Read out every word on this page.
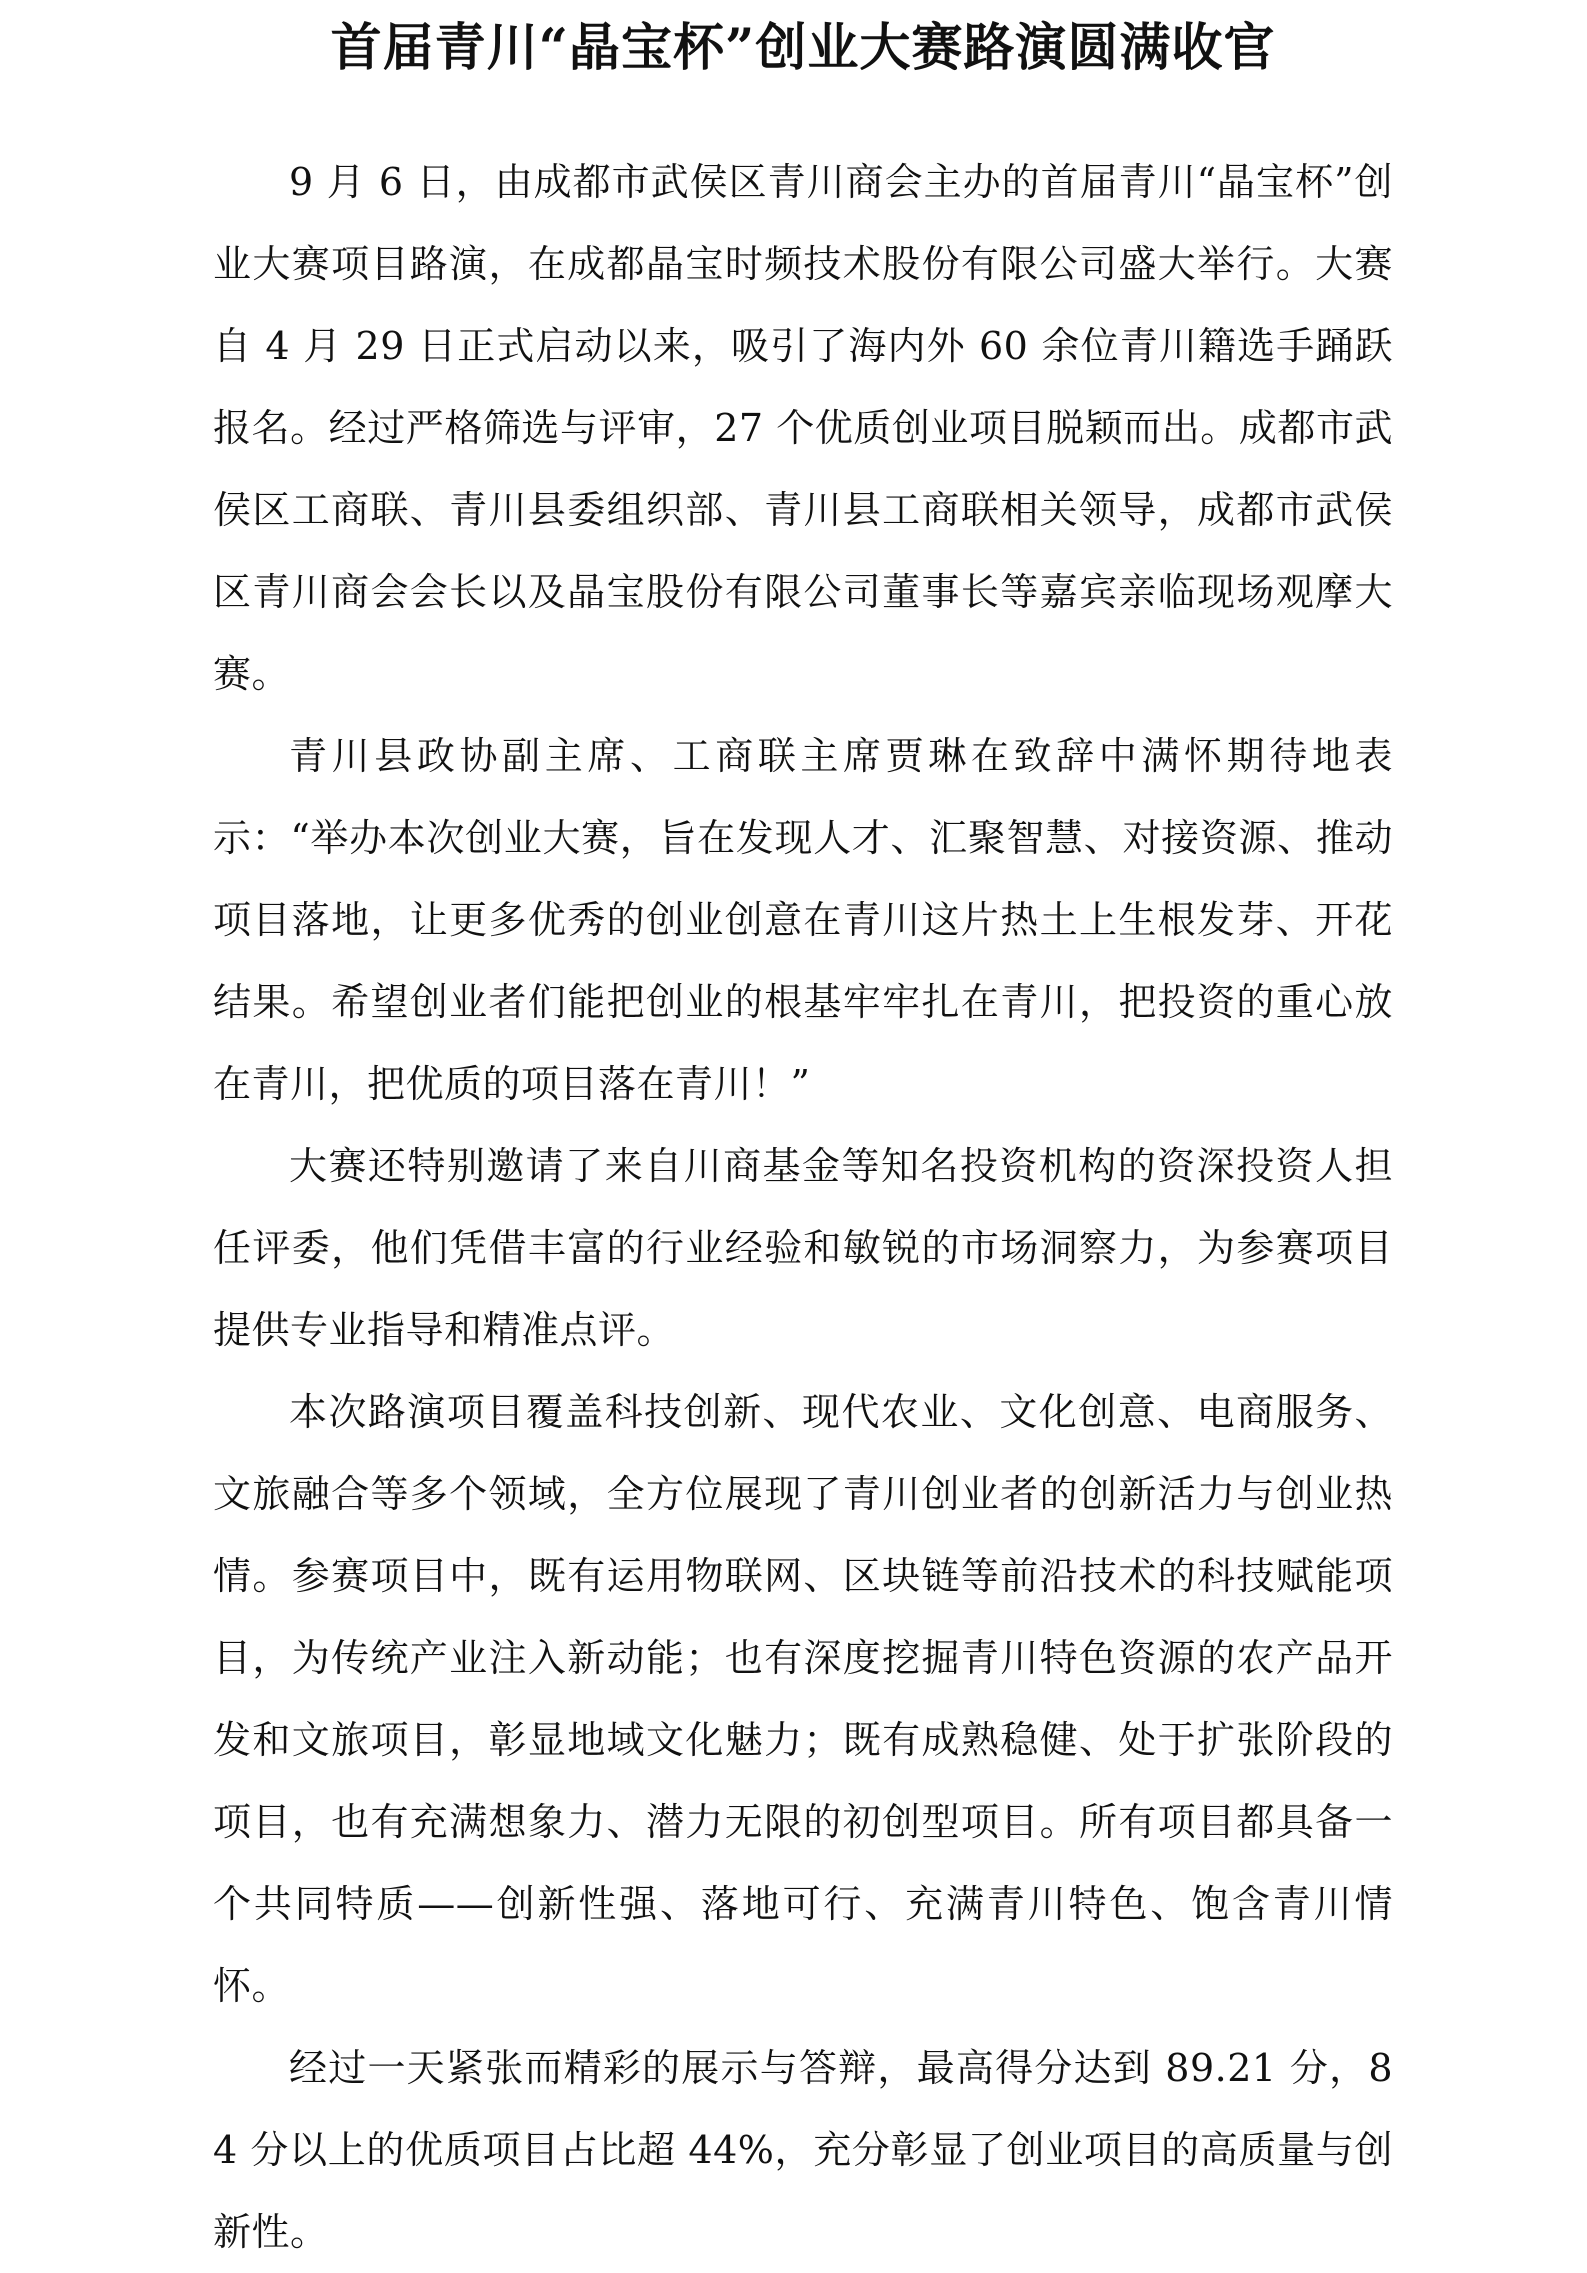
首届青川“晶宝杯”创业大赛路演圆满收官

9 月 6 日，由成都市武侯区青川商会主办的首届青川“晶宝杯”创业大赛项目路演，在成都晶宝时频技术股份有限公司盛大举行。大赛自 4 月 29 日正式启动以来，吸引了海内外 60 余位青川籍选手踊跃报名。经过严格筛选与评审，27 个优质创业项目脱颖而出。成都市武侯区工商联、青川县委组织部、青川县工商联相关领导，成都市武侯区青川商会会长以及晶宝股份有限公司董事长等嘉宾亲临现场观摩大赛。

青川县政协副主席、工商联主席贾琳在致辞中满怀期待地表示：“举办本次创业大赛，旨在发现人才、汇聚智慧、对接资源、推动项目落地，让更多优秀的创业创意在青川这片热土上生根发芽、开花结果。希望创业者们能把创业的根基牢牢扎在青川，把投资的重心放在青川，把优质的项目落在青川！”

大赛还特别邀请了来自川商基金等知名投资机构的资深投资人担任评委，他们凭借丰富的行业经验和敏锐的市场洞察力，为参赛项目提供专业指导和精准点评。

本次路演项目覆盖科技创新、现代农业、文化创意、电商服务、文旅融合等多个领域，全方位展现了青川创业者的创新活力与创业热情。参赛项目中，既有运用物联网、区块链等前沿技术的科技赋能项目，为传统产业注入新动能；也有深度挖掘青川特色资源的农产品开发和文旅项目，彰显地域文化魅力；既有成熟稳健、处于扩张阶段的项目，也有充满想象力、潜力无限的初创型项目。所有项目都具备一个共同特质——创新性强、落地可行、充满青川特色、饱含青川情怀。

经过一天紧张而精彩的展示与答辩，最高得分达到 89.21 分，84 分以上的优质项目占比超 44%，充分彰显了创业项目的高质量与创新性。
